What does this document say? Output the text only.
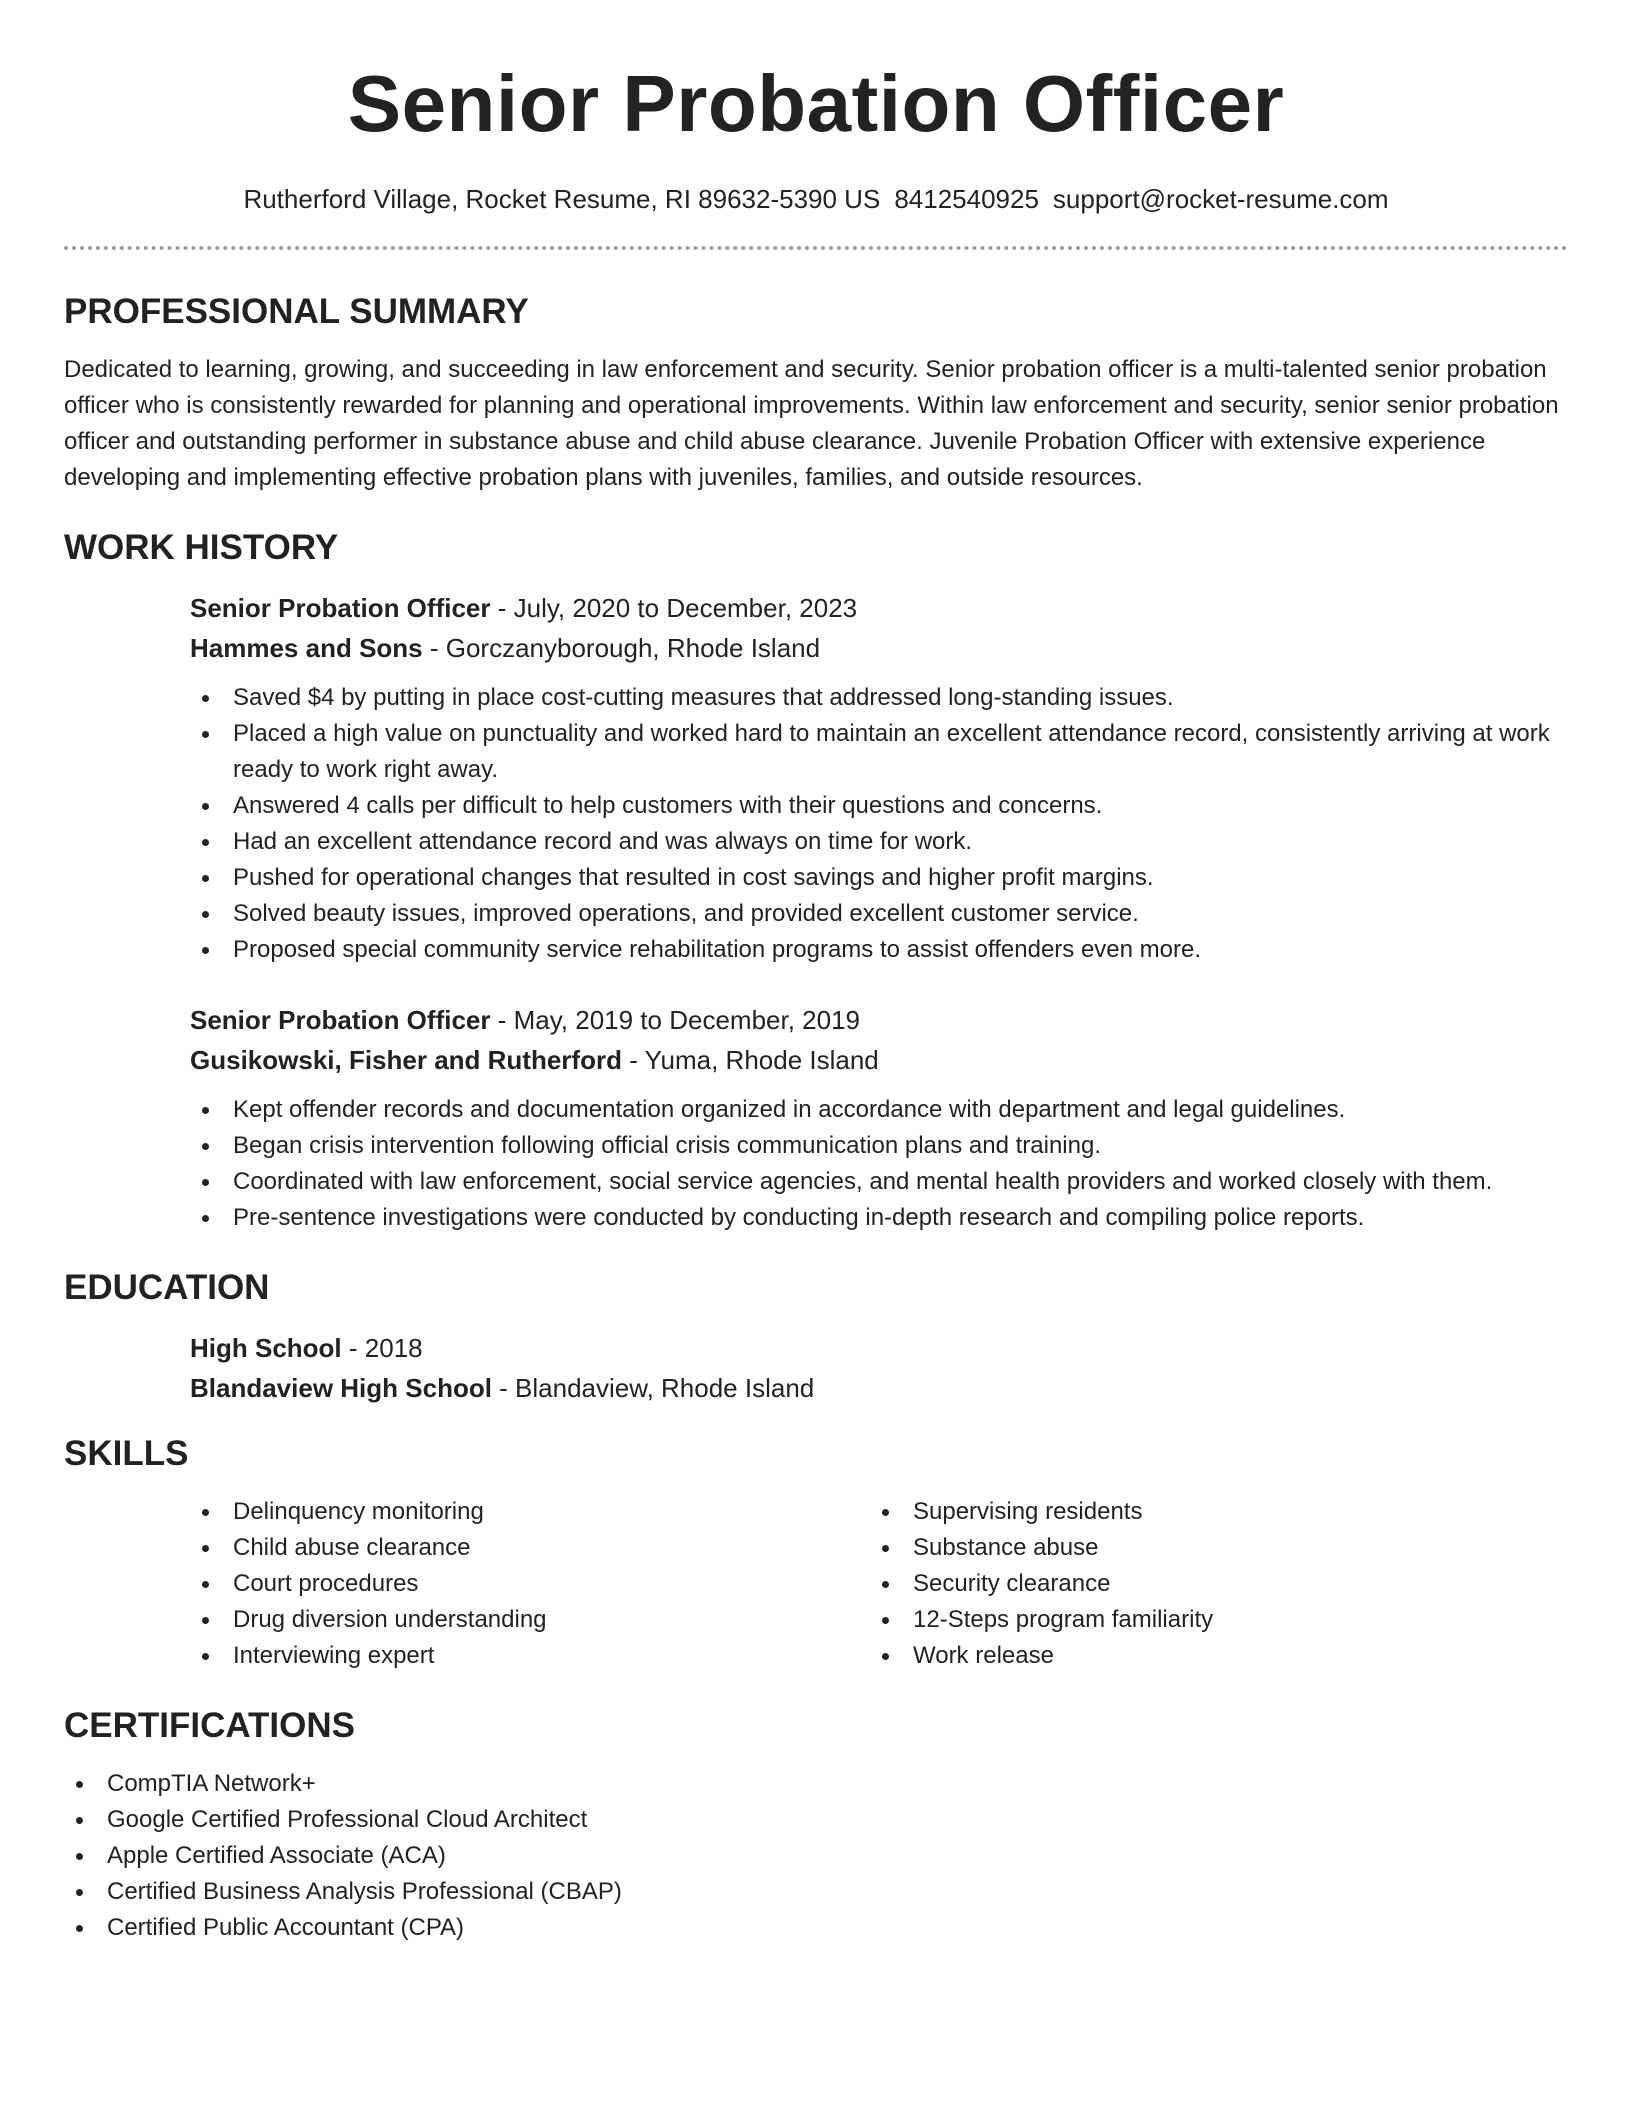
Senior Probation Officer
Rutherford Village, Rocket Resume, RI 89632-5390 US 8412540925 support@rocket-resume.com
PROFESSIONAL SUMMARY

Dedicated to learning, growing, and succeeding in law enforcement and security. Senior probation officer is a multi-talented senior probation officer who is consistently rewarded for planning and operational improvements. Within law enforcement and security, senior senior probation officer and outstanding performer in substance abuse and child abuse clearance. Juvenile Probation Officer with extensive experience developing and implementing effective probation plans with juveniles, families, and outside resources.

WORK HISTORY

Senior Probation Officer - July, 2020 to December, 2023

Hammes and Sons - Gorczanyborough, Rhode Island

Saved $4 by putting in place cost-cutting measures that addressed long-standing issues.
Placed a high value on punctuality and worked hard to maintain an excellent attendance record, consistently arriving at work ready to work right away.
Answered 4 calls per difficult to help customers with their questions and concerns.
Had an excellent attendance record and was always on time for work.
Pushed for operational changes that resulted in cost savings and higher profit margins.
Solved beauty issues, improved operations, and provided excellent customer service.
Proposed special community service rehabilitation programs to assist offenders even more.

Senior Probation Officer - May, 2019 to December, 2019

Gusikowski, Fisher and Rutherford - Yuma, Rhode Island

Kept offender records and documentation organized in accordance with department and legal guidelines.
Began crisis intervention following official crisis communication plans and training.
Coordinated with law enforcement, social service agencies, and mental health providers and worked closely with them.
Pre-sentence investigations were conducted by conducting in-depth research and compiling police reports.
EDUCATION

High School - 2018

Blandaview High School - Blandaview, Rhode Island

SKILLS
Delinquency monitoring
Child abuse clearance
Court procedures
Drug diversion understanding
Interviewing expert
Supervising residents
Substance abuse
Security clearance
12-Steps program familiarity
Work release
CERTIFICATIONS
CompTIA Network+
Google Certified Professional Cloud Architect
Apple Certified Associate (ACA)
Certified Business Analysis Professional (CBAP)
Certified Public Accountant (CPA)
